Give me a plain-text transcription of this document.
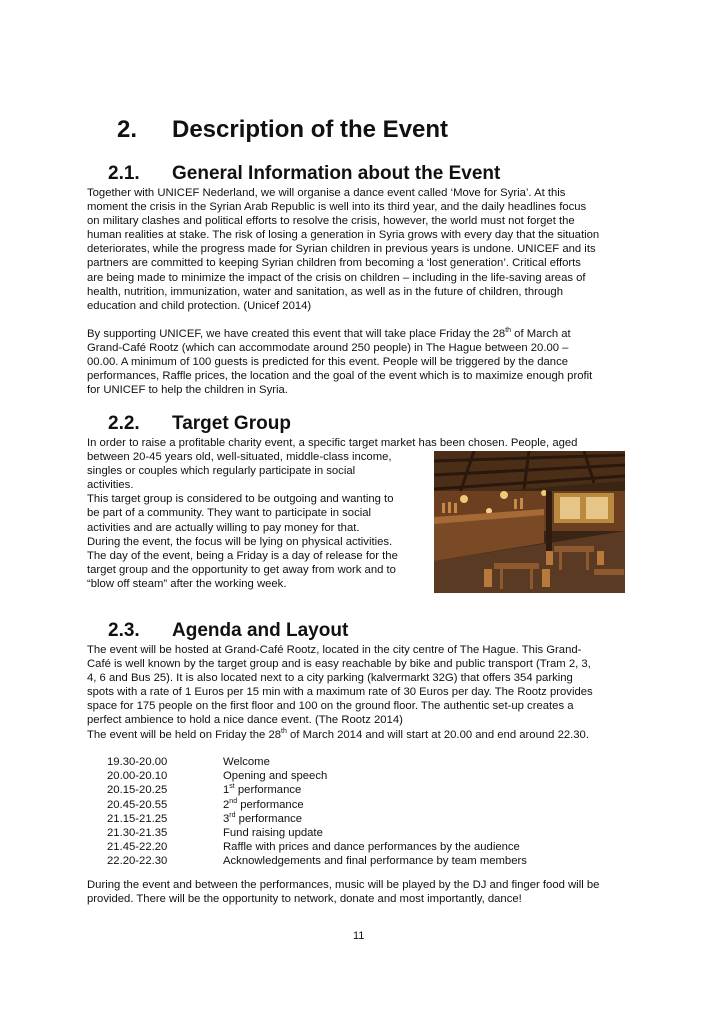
2. Description of the Event
2.1. General Information about the Event
Together with UNICEF Nederland, we will organise a dance event called ‘Move for Syria’. At this
moment the crisis in the Syrian Arab Republic is well into its third year, and the daily headlines focus
on military clashes and political efforts to resolve the crisis, however, the world must not forget the
human realities at stake. The risk of losing a generation in Syria grows with every day that the situation
deteriorates, while the progress made for Syrian children in previous years is undone. UNICEF and its
partners are committed to keeping Syrian children from becoming a ‘lost generation’. Critical efforts
are being made to minimize the impact of the crisis on children – including in the life-saving areas of
health, nutrition, immunization, water and sanitation, as well as in the future of children, through
education and child protection. (Unicef 2014)
By supporting UNICEF, we have created this event that will take place Friday the 28th of March at
Grand-Café Rootz (which can accommodate around 250 people) in The Hague between 20.00 –
00.00. A minimum of 100 guests is predicted for this event. People will be triggered by the dance
performances, Raffle prices, the location and the goal of the event which is to maximize enough profit
for UNICEF to help the children in Syria.
2.2. Target Group
In order to raise a profitable charity event, a specific target market has been chosen. People, aged
between 20-45 years old, well-situated, middle-class income,
singles or couples which regularly participate in social
activities.
This target group is considered to be outgoing and wanting to
be part of a community. They want to participate in social
activities and are actually willing to pay money for that.
During the event, the focus will be lying on physical activities.
The day of the event, being a Friday is a day of release for the
target group and the opportunity to get away from work and to
“blow off steam” after the working week.
2.3. Agenda and Layout
The event will be hosted at Grand-Café Rootz, located in the city centre of The Hague. This Grand-
Café is well known by the target group and is easy reachable by bike and public transport (Tram 2, 3,
4, 6 and Bus 25). It is also located next to a city parking (kalvermarkt 32G) that offers 354 parking
spots with a rate of 1 Euros per 15 min with a maximum rate of 30 Euros per day. The Rootz provides
space for 175 people on the first floor and 100 on the ground floor. The authentic set-up creates a
perfect ambience to hold a nice dance event. (The Rootz 2014)
The event will be held on Friday the 28th of March 2014 and will start at 20.00 and end around 22.30.
19.30-20.00	Welcome
20.00-20.10	Opening and speech
20.15-20.25	1st performance
20.45-20.55	2nd performance
21.15-21.25	3rd performance
21.30-21.35	Fund raising update
21.45-22.20	Raffle with prices and dance performances by the audience
22.20-22.30	Acknowledgements and final performance by team members
During the event and between the performances, music will be played by the DJ and finger food will be
provided. There will be the opportunity to network, donate and most importantly, dance!
11
